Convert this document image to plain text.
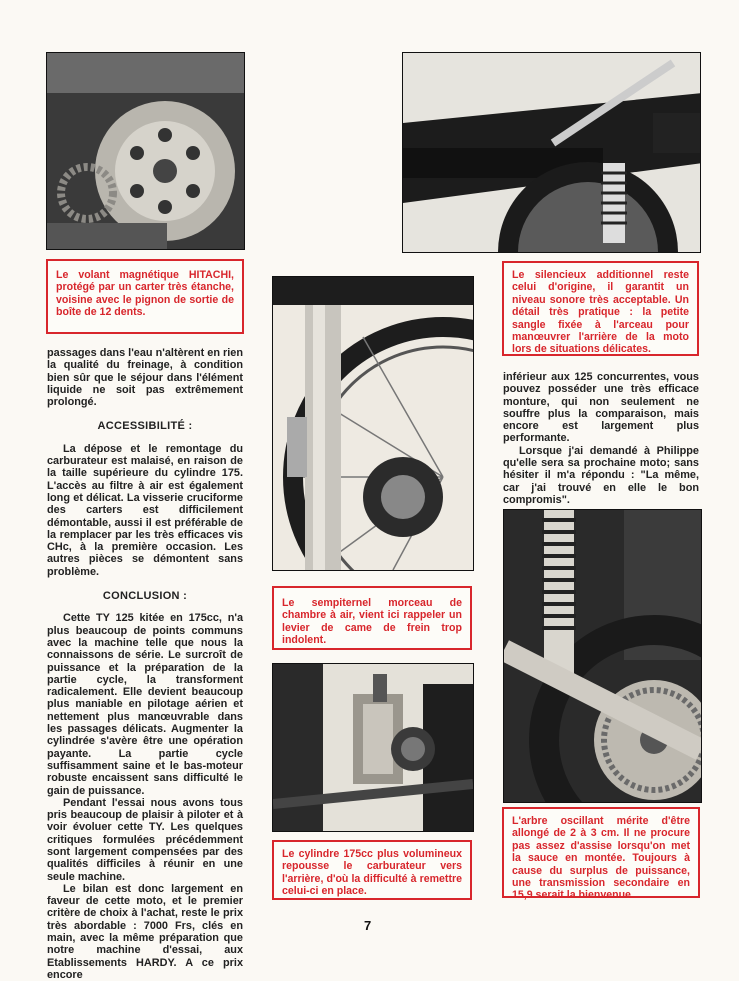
Le volant magnétique HITACHI, protégé par un carter très étanche, voisine avec le pignon de sortie de boîte de 12 dents.
Le silencieux additionnel reste celui d'origine, il garantit un niveau sonore très acceptable. Un détail très pratique : la petite sangle fixée à l'arceau pour manœuvrer l'arrière de la moto lors de situations délicates.
Le sempiternel morceau de chambre à air, vient ici rappeler un levier de came de frein trop indolent.
Le cylindre 175cc plus volumineux repousse le carburateur vers l'arrière, d'où la difficulté à remettre celui-ci en place.
L'arbre oscillant mérite d'être allongé de 2 à 3 cm. Il ne procure pas assez d'assise lorsqu'on met la sauce en montée. Toujours à cause du surplus de puissance, une transmission secondaire en 15,9 serait la bienvenue.

passages dans l'eau n'altèrent en rien la qualité du freinage, à condition bien sûr que le séjour dans l'élément liquide ne soit pas extrêmement prolongé.

ACCESSIBILITÉ :

La dépose et le remontage du carburateur est malaisé, en raison de la taille supérieure du cylindre 175. L'accès au filtre à air est également long et délicat. La visserie cruciforme des carters est difficilement démontable, aussi il est préférable de la remplacer par les très efficaces vis CHc, à la première occasion. Les autres pièces se démontent sans problème.

CONCLUSION :

Cette TY 125 kitée en 175cc, n'a plus beaucoup de points communs avec la machine telle que nous la connaissons de série. Le surcroît de puissance et la préparation de la partie cycle, la transforment radicalement. Elle devient beaucoup plus maniable en pilotage aérien et nettement plus manœuvrable dans les passages délicats. Augmenter la cylindrée s'avère être une opération payante. La partie cycle suffisamment saine et le bas-moteur robuste encaissent sans difficulté le gain de puissance.

Pendant l'essai nous avons tous pris beaucoup de plaisir à piloter et à voir évoluer cette TY. Les quelques critiques formulées précédemment sont largement compensées par des qualités difficiles à réunir en une seule machine.

Le bilan est donc largement en faveur de cette moto, et le premier critère de choix à l'achat, reste le prix très abordable : 7000 Frs, clés en main, avec la même préparation que notre machine d'essai, aux Etablissements HARDY. A ce prix encore

inférieur aux 125 concurrentes, vous pouvez posséder une très efficace monture, qui non seulement ne souffre plus la comparaison, mais encore est largement plus performante.

Lorsque j'ai demandé à Philippe qu'elle sera sa prochaine moto; sans hésiter il m'a répondu : "La même, car j'ai trouvé en elle le bon compromis".

7
